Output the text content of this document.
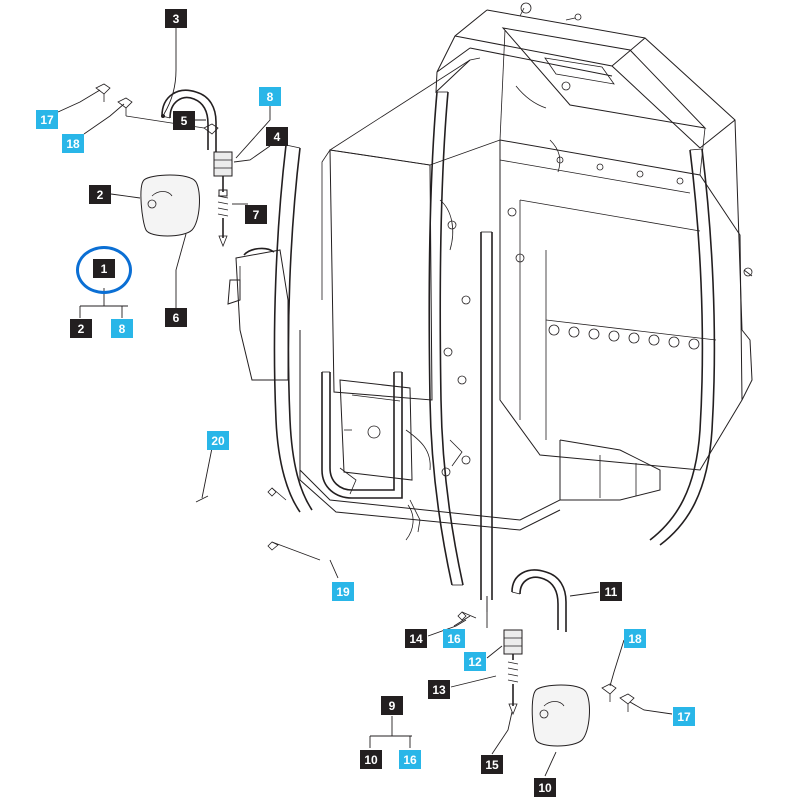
17
18
3
8
5
4
2
7
1
2	8
6
20
19
14	16
12
13
11
18
17
9
10	16	15
10
